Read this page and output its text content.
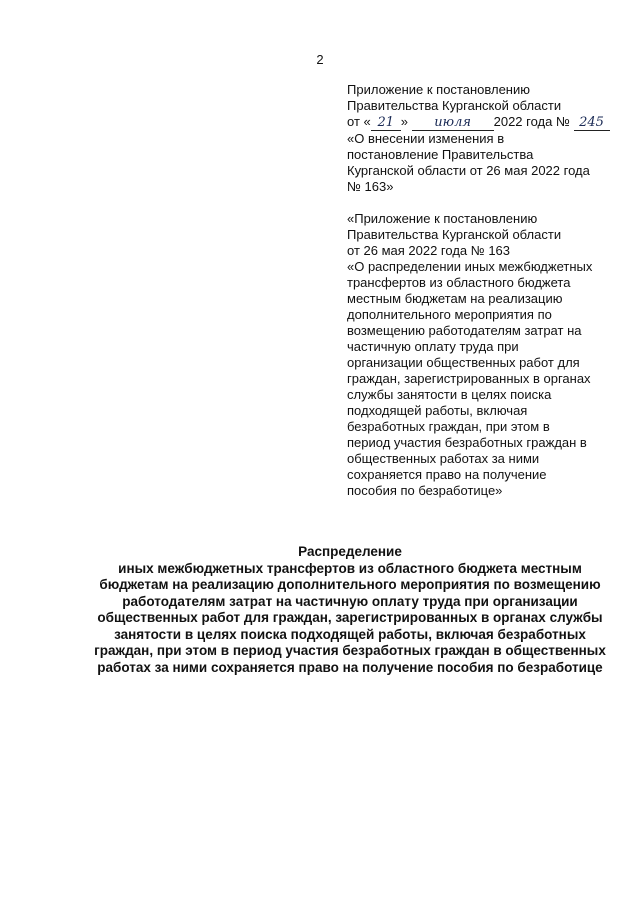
2
Приложение к постановлению
Правительства Курганской области
от « 21 » июля 2022 года № 245
«О внесении изменения в
постановление Правительства
Курганской области от 26 мая 2022 года
№ 163»
«Приложение к постановлению
Правительства Курганской области
от 26 мая 2022 года № 163
«О распределении иных межбюджетных
трансфертов из областного бюджета
местным бюджетам на реализацию
дополнительного мероприятия по
возмещению работодателям затрат на
частичную оплату труда при
организации общественных работ для
граждан, зарегистрированных в органах
службы занятости в целях поиска
подходящей работы, включая
безработных граждан, при этом в
период участия безработных граждан в
общественных работах за ними
сохраняется право на получение
пособия по безработице»
Распределение
иных межбюджетных трансфертов из областного бюджета местным
бюджетам на реализацию дополнительного мероприятия по возмещению
работодателям затрат на частичную оплату труда при организации
общественных работ для граждан, зарегистрированных в органах службы
занятости в целях поиска подходящей работы, включая безработных
граждан, при этом в период участия безработных граждан в общественных
работах за ними сохраняется право на получение пособия по безработице
